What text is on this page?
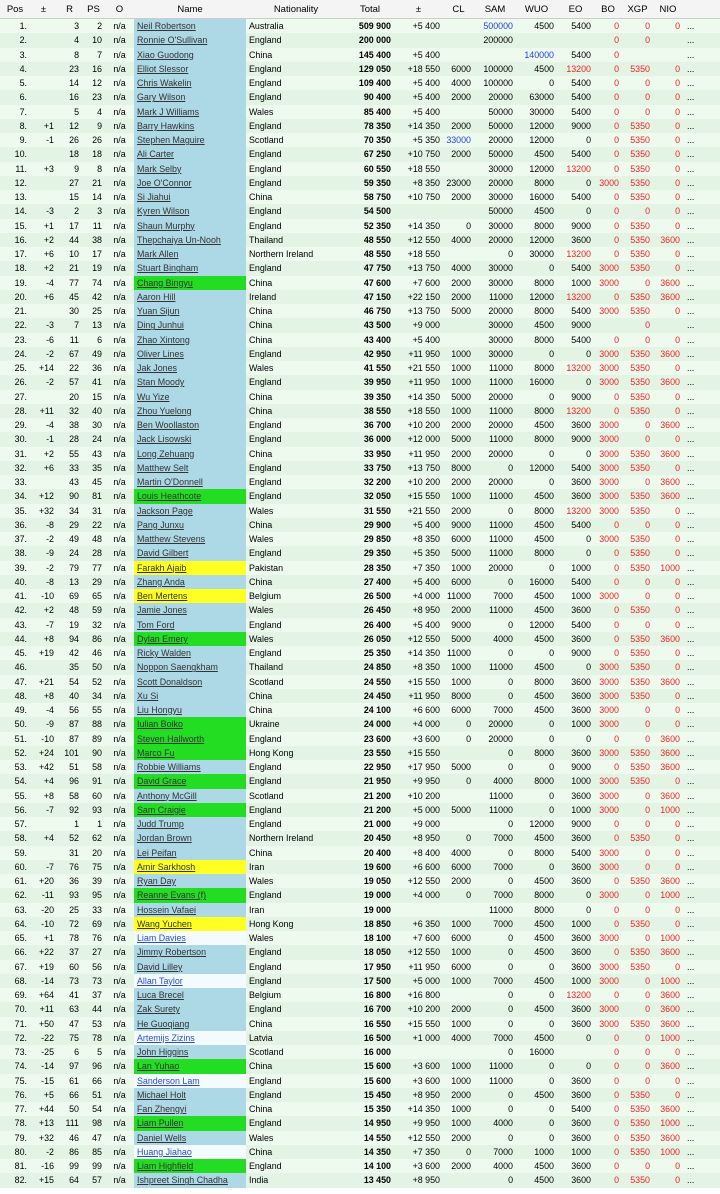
Pos	±	R	PS	O	Name	Nationality	Total	±	CL	SAM	WUO	EO	BO	XGP	NIO	
1.		3	2	n/a	Neil Robertson	Australia	509 900	+5 400		500000	4500	5400	0	0	0	...
2.		4	10	n/a	Ronnie O'Sullivan	England	200 000			200000			0	0		...
3.		8	7	n/a	Xiao Guodong	China	145 400	+5 400			140000	5400	0			...
4.		23	16	n/a	Elliot Slessor	England	129 050	+18 550	6000	100000	4500	13200	0	5350	0	...
5.		14	12	n/a	Chris Wakelin	England	109 400	+5 400	4000	100000	0	5400	0	0	0	...
6.		16	23	n/a	Gary Wilson	England	90 400	+5 400	2000	20000	63000	5400	0	0	0	...
7.		5	4	n/a	Mark J Williams	Wales	85 400	+5 400		50000	30000	5400	0	0	0	...
8.	+1	12	9	n/a	Barry Hawkins	England	78 350	+14 350	2000	50000	12000	9000	0	5350	0	...
9.	-1	26	26	n/a	Stephen Maguire	Scotland	70 350	+5 350	33000	20000	12000	0	0	5350	0	...
10.		18	18	n/a	Ali Carter	England	67 250	+10 750	2000	50000	4500	5400	0	5350	0	...
11.	+3	9	8	n/a	Mark Selby	England	60 550	+18 550		30000	12000	13200	0	5350	0	...
12.		27	21	n/a	Joe O'Connor	England	59 350	+8 350	23000	20000	8000	0	3000	5350	0	...
13.		15	14	n/a	Si Jiahui	China	58 750	+10 750	2000	30000	16000	5400	0	5350	0	...
14.	-3	2	3	n/a	Kyren Wilson	England	54 500			50000	4500	0	0	0	0	...
15.	+1	17	11	n/a	Shaun Murphy	England	52 350	+14 350	0	30000	8000	9000	0	5350	0	...
16.	+2	44	38	n/a	Thepchaiya Un-Nooh	Thailand	48 550	+12 550	4000	20000	12000	3600	0	5350	3600	...
17.	+6	10	17	n/a	Mark Allen	Northern Ireland	48 550	+18 550		0	30000	13200	0	5350	0	...
18.	+2	21	19	n/a	Stuart Bingham	England	47 750	+13 750	4000	30000	0	5400	3000	5350	0	...
19.	-4	77	74	n/a	Chang Bingyu	China	47 600	+7 600	2000	30000	8000	1000	3000	0	3600	...
20.	+6	45	42	n/a	Aaron Hill	Ireland	47 150	+22 150	2000	11000	12000	13200	0	5350	3600	...
21.		30	25	n/a	Yuan Sijun	China	46 750	+13 750	5000	20000	8000	5400	3000	5350	0	...
22.	-3	7	13	n/a	Ding Junhui	China	43 500	+9 000		30000	4500	9000		0		...
23.	-6	11	6	n/a	Zhao Xintong	China	43 400	+5 400		30000	8000	5400	0	0	0	...
24.	-2	67	49	n/a	Oliver Lines	England	42 950	+11 950	1000	30000	0	0	3000	5350	3600	...
25.	+14	22	36	n/a	Jak Jones	Wales	41 550	+21 550	1000	11000	8000	13200	3000	5350	0	...
26.	-2	57	41	n/a	Stan Moody	England	39 950	+11 950	1000	11000	16000	0	3000	5350	3600	...
27.		20	15	n/a	Wu Yize	China	39 350	+14 350	5000	20000	0	9000	0	5350	0	...
28.	+11	32	40	n/a	Zhou Yuelong	China	38 550	+18 550	1000	11000	8000	13200	0	5350	0	...
29.	-4	38	30	n/a	Ben Woollaston	England	36 700	+10 200	2000	20000	4500	3600	3000	0	3600	...
30.	-1	28	24	n/a	Jack Lisowski	England	36 000	+12 000	5000	11000	8000	9000	3000	0	0	...
31.	+2	55	43	n/a	Long Zehuang	China	33 950	+11 950	2000	20000	0	0	3000	5350	3600	...
32.	+6	33	35	n/a	Matthew Selt	England	33 750	+13 750	8000	0	12000	5400	3000	5350	0	...
33.		43	45	n/a	Martin O'Donnell	England	32 200	+10 200	2000	20000	0	3600	3000	0	3600	...
34.	+12	90	81	n/a	Louis Heathcote	England	32 050	+15 550	1000	11000	4500	3600	3000	5350	3600	...
35.	+32	34	31	n/a	Jackson Page	Wales	31 550	+21 550	2000	0	8000	13200	3000	5350	0	...
36.	-8	29	22	n/a	Pang Junxu	China	29 900	+5 400	9000	11000	4500	5400	0	0	0	...
37.	-2	49	48	n/a	Matthew Stevens	Wales	29 850	+8 350	6000	11000	4500	0	3000	5350	0	...
38.	-9	24	28	n/a	David Gilbert	England	29 350	+5 350	5000	11000	8000	0	0	5350	0	...
39.	-2	79	77	n/a	Farakh Ajaib	Pakistan	28 350	+7 350	1000	20000	0	1000	0	5350	1000	...
40.	-8	13	29	n/a	Zhang Anda	China	27 400	+5 400	6000	0	16000	5400	0	0	0	...
41.	-10	69	65	n/a	Ben Mertens	Belgium	26 500	+4 000	11000	7000	4500	1000	3000	0	0	...
42.	+2	48	59	n/a	Jamie Jones	Wales	26 450	+8 950	2000	11000	4500	3600	0	5350	0	...
43.	-7	19	32	n/a	Tom Ford	England	26 400	+5 400	9000	0	12000	5400	0	0	0	...
44.	+8	94	86	n/a	Dylan Emery	Wales	26 050	+12 550	5000	4000	4500	3600	0	5350	3600	...
45.	+19	42	46	n/a	Ricky Walden	England	25 350	+14 350	11000	0	0	9000	0	5350	0	...
46.		35	50	n/a	Noppon Saengkham	Thailand	24 850	+8 350	1000	11000	4500	0	3000	5350	0	...
47.	+21	54	52	n/a	Scott Donaldson	Scotland	24 550	+15 550	1000	0	8000	3600	3000	5350	3600	...
48.	+8	40	34	n/a	Xu Si	China	24 450	+11 950	8000	0	4500	3600	3000	5350	0	...
49.	-4	56	55	n/a	Liu Hongyu	China	24 100	+6 600	6000	7000	4500	3600	3000	0	0	...
50.	-9	87	88	n/a	Iulian Boiko	Ukraine	24 000	+4 000	0	20000	0	1000	3000	0	0	...
51.	-10	87	89	n/a	Steven Hallworth	England	23 600	+3 600	0	20000	0	0	0	0	3600	...
52.	+24	101	90	n/a	Marco Fu	Hong Kong	23 550	+15 550		0	8000	3600	3000	5350	3600	...
53.	+42	51	58	n/a	Robbie Williams	England	22 950	+17 950	5000	0	0	9000	0	5350	3600	...
54.	+4	96	91	n/a	David Grace	England	21 950	+9 950	0	4000	8000	1000	3000	5350	0	...
55.	+8	58	60	n/a	Anthony McGill	Scotland	21 200	+10 200		11000	0	3600	3000	0	3600	...
56.	-7	92	93	n/a	Sam Craigie	England	21 200	+5 000	5000	11000	0	1000	3000	0	1000	...
57.		1	1	n/a	Judd Trump	England	21 000	+9 000		0	12000	9000	0	0	0	...
58.	+4	52	62	n/a	Jordan Brown	Northern Ireland	20 450	+8 950	0	7000	4500	3600	0	5350	0	...
59.		31	20	n/a	Lei Peifan	China	20 400	+8 400	4000	0	8000	5400	3000	0	0	...
60.	-7	76	75	n/a	Amir Sarkhosh	Iran	19 600	+6 600	6000	7000	0	3600	3000	0	0	...
61.	+20	36	39	n/a	Ryan Day	Wales	19 050	+12 550	2000	0	4500	3600	0	5350	3600	...
62.	-11	93	95	n/a	Reanne Evans (f)	England	19 000	+4 000	0	7000	8000	0	3000	0	1000	...
63.	-20	25	33	n/a	Hossein Vafaei	Iran	19 000			11000	8000	0	0	0	0	...
64.	-10	72	69	n/a	Wang Yuchen	Hong Kong	18 850	+6 350	1000	7000	4500	1000	0	5350	0	...
65.	+1	78	76	n/a	Liam Davies	Wales	18 100	+7 600	6000	0	4500	3600	3000	0	1000	...
66.	+22	37	27	n/a	Jimmy Robertson	England	18 050	+12 550	1000	0	4500	3600	0	5350	3600	...
67.	+19	60	56	n/a	David Lilley	England	17 950	+11 950	6000	0	0	3600	3000	5350	0	...
68.	-14	73	73	n/a	Allan Taylor	England	17 500	+5 000	1000	7000	4500	1000	3000	0	1000	...
69.	+64	41	37	n/a	Luca Brecel	Belgium	16 800	+16 800		0	0	13200	0	0	3600	...
70.	+11	63	44	n/a	Zak Surety	England	16 700	+10 200	2000	0	4500	3600	3000	0	3600	...
71.	+50	47	53	n/a	He Guoqiang	China	16 550	+15 550	1000	0	0	3600	3000	5350	3600	...
72.	-22	75	78	n/a	Artemijs Zizins	Latvia	16 500	+1 000	4000	7000	4500	0	0	0	1000	...
73.	-25	6	5	n/a	John Higgins	Scotland	16 000			0	16000		0	0	0	...
74.	-14	97	96	n/a	Lan Yuhao	China	15 600	+3 600	1000	11000	0	0	0	0	3600	...
75.	-15	61	66	n/a	Sanderson Lam	England	15 600	+3 600	1000	11000	0	3600	0	0	0	...
76.	+5	66	51	n/a	Michael Holt	England	15 450	+8 950	2000	0	4500	3600	0	5350	0	...
77.	+44	50	54	n/a	Fan Zhengyi	China	15 350	+14 350	1000	0	0	5400	0	5350	3600	...
78.	+13	111	98	n/a	Liam Pullen	England	14 950	+9 950	1000	4000	0	3600	0	5350	1000	...
79.	+32	46	47	n/a	Daniel Wells	Wales	14 550	+12 550	2000	0	0	3600	0	5350	3600	...
80.	-2	86	85	n/a	Huang Jiahao	China	14 350	+7 350	0	7000	1000	1000	0	5350	1000	...
81.	-16	99	99	n/a	Liam Highfield	England	14 100	+3 600	2000	4000	4500	3600	0	0	0	...
82.	+15	64	57	n/a	Ishpreet Singh Chadha	India	13 450	+8 950		0	4500	3600	0	5350	0	...
